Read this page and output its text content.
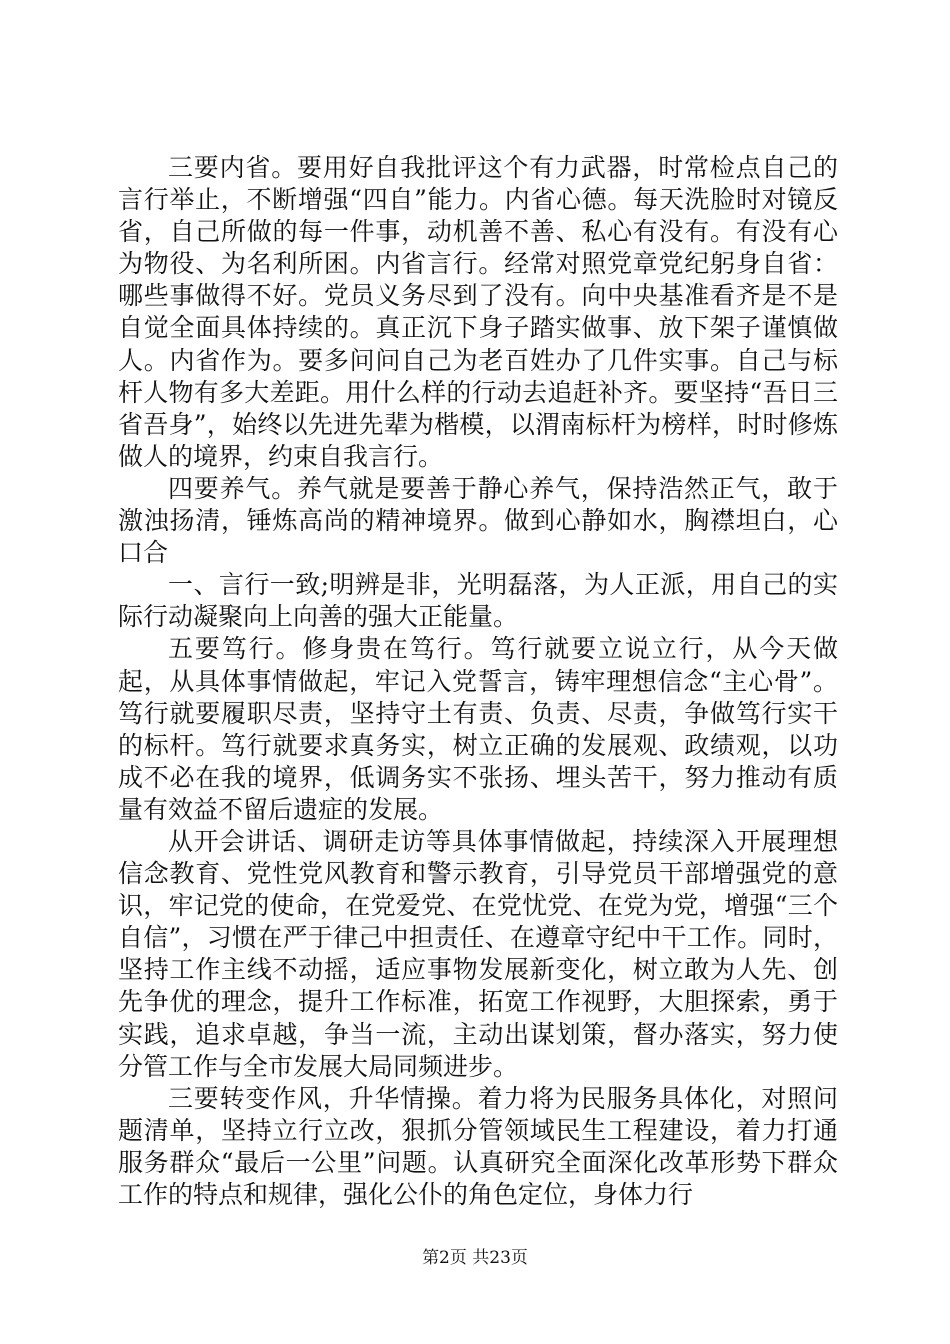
三要内省。要用好自我批评这个有力武器，时常检点自己的言行举止，不断增强“四自”能力。内省心德。每天洗脸时对镜反省，自己所做的每一件事，动机善不善、私心有没有。有没有心为物役、为名利所困。内省言行。经常对照党章党纪躬身自省：哪些事做得不好。党员义务尽到了没有。向中央基准看齐是不是自觉全面具体持续的。真正沉下身子踏实做事、放下架子谨慎做人。内省作为。要多问问自己为老百姓办了几件实事。自己与标杆人物有多大差距。用什么样的行动去追赶补齐。要坚持“吾日三省吾身”，始终以先进先辈为楷模，以渭南标杆为榜样，时时修炼做人的境界，约束自我言行。

四要养气。养气就是要善于静心养气，保持浩然正气，敢于激浊扬清，锤炼高尚的精神境界。做到心静如水，胸襟坦白，心口合

一、言行一致;明辨是非，光明磊落，为人正派，用自己的实际行动凝聚向上向善的强大正能量。

五要笃行。修身贵在笃行。笃行就要立说立行，从今天做起，从具体事情做起，牢记入党誓言，铸牢理想信念“主心骨”。笃行就要履职尽责，坚持守土有责、负责、尽责，争做笃行实干的标杆。笃行就要求真务实，树立正确的发展观、政绩观，以功成不必在我的境界，低调务实不张扬、埋头苦干，努力推动有质量有效益不留后遗症的发展。

从开会讲话、调研走访等具体事情做起，持续深入开展理想信念教育、党性党风教育和警示教育，引导党员干部增强党的意识，牢记党的使命，在党爱党、在党忧党、在党为党，增强“三个自信”，习惯在严于律己中担责任、在遵章守纪中干工作。同时，坚持工作主线不动摇，适应事物发展新变化，树立敢为人先、创先争优的理念，提升工作标准，拓宽工作视野，大胆探索，勇于实践，追求卓越，争当一流，主动出谋划策，督办落实，努力使分管工作与全市发展大局同频进步。

三要转变作风，升华情操。着力将为民服务具体化，对照问题清单，坚持立行立改，狠抓分管领域民生工程建设，着力打通服务群众“最后一公里”问题。认真研究全面深化改革形势下群众工作的特点和规律，强化公仆的角色定位，身体力行

第2页 共23页
